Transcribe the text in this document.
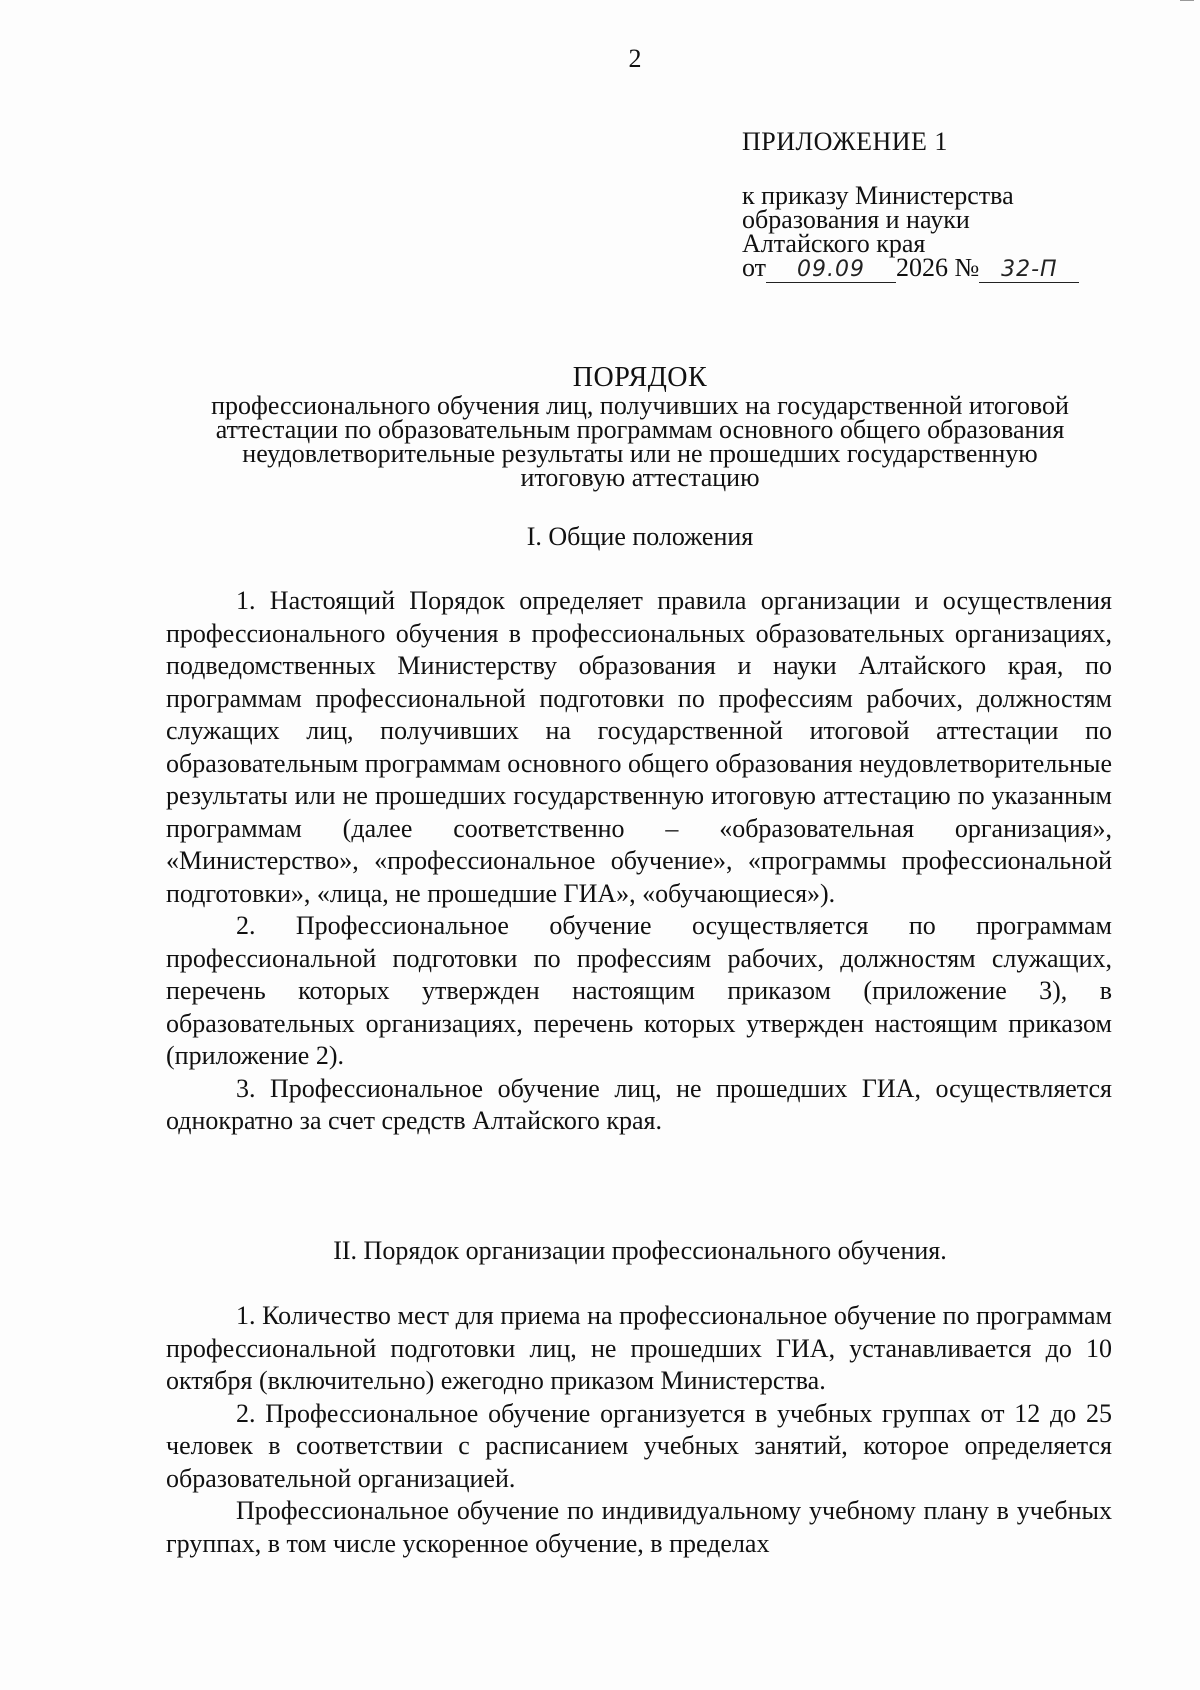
2
ПРИЛОЖЕНИЕ 1
к приказу Министерства
образования и науки
Алтайского края
от 09.09 2026 № 32-П
ПОРЯДОК
профессионального обучения лиц, получивших на государственной итоговой
аттестации по образовательным программам основного общего образования
неудовлетворительные результаты или не прошедших государственную
итоговую аттестацию
I. Общие положения

1. Настоящий Порядок определяет правила организации и осуществления профессионального обучения в профессиональных образовательных организациях, подведомственных Министерству образования и науки Алтайского края, по программам профессиональной подготовки по профессиям рабочих, должностям служащих лиц, получивших на государственной итоговой аттестации по образовательным программам основного общего образования неудовлетворительные результаты или не прошедших государственную итоговую аттестацию по указанным программам (далее соответственно – «образовательная организация», «Министерство», «профессиональное обучение», «программы профессиональной подготовки», «лица, не прошедшие ГИА», «обучающиеся»).

2. Профессиональное обучение осуществляется по программам профессиональной подготовки по профессиям рабочих, должностям служащих, перечень которых утвержден настоящим приказом (приложение 3), в образовательных организациях, перечень которых утвержден настоящим приказом (приложение 2).

3. Профессиональное обучение лиц, не прошедших ГИА, осуществляется однократно за счет средств Алтайского края.

II. Порядок организации профессионального обучения.

1. Количество мест для приема на профессиональное обучение по программам профессиональной подготовки лиц, не прошедших ГИА, устанавливается до 10 октября (включительно) ежегодно приказом Министерства.

2. Профессиональное обучение организуется в учебных группах от 12 до 25 человек в соответствии с расписанием учебных занятий, которое определяется образовательной организацией.

Профессиональное обучение по индивидуальному учебному плану в учебных группах, в том числе ускоренное обучение, в пределах
